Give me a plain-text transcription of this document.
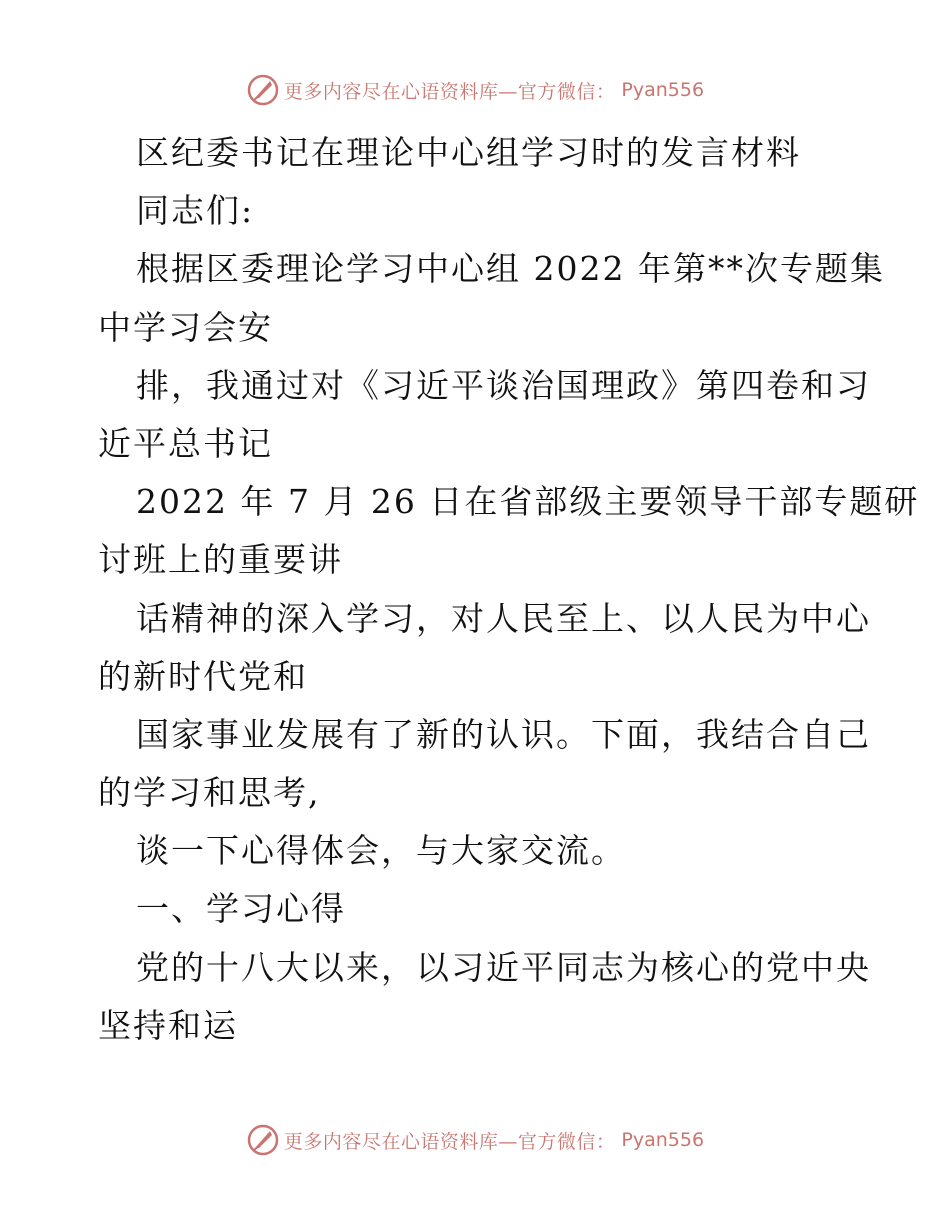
更多内容尽在心语资料库—官方微信： Pyan556
区纪委书记在理论中心组学习时的发言材料
同志们:
根据区委理论学习中心组 2022 年第**次专题集
中学习会安
排，我通过对《习近平谈治国理政》第四卷和习
近平总书记
2022 年 7 月 26 日在省部级主要领导干部专题研
讨班上的重要讲
话精神的深入学习，对人民至上、以人民为中心
的新时代党和
国家事业发展有了新的认识。下面，我结合自己
的学习和思考,
谈一下心得体会，与大家交流。
一、学习心得
党的十八大以来，以习近平同志为核心的党中央
坚持和运
更多内容尽在心语资料库—官方微信： Pyan556
